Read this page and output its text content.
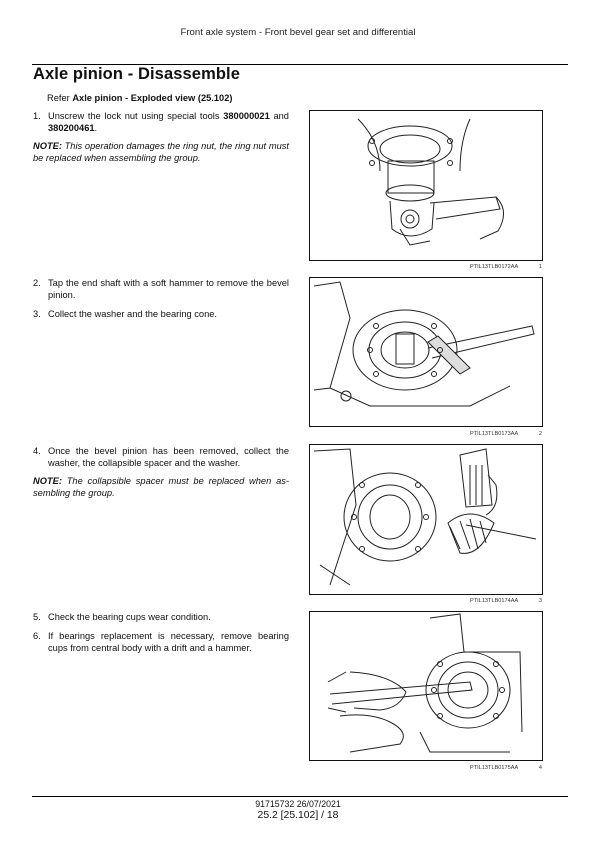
Front axle system - Front bevel gear set and differential
Axle pinion - Disassemble
Refer Axle pinion - Exploded view (25.102)
1. Unscrew the lock nut using special tools 380000021 and 380200461.
NOTE: This operation damages the ring nut, the ring nut must be replaced when assembling the group.
PTIL13TLB0172AA	1
2. Tap the end shaft with a soft hammer to remove the bevel pinion.
3. Collect the washer and the bearing cone.
PTIL13TLB0173AA	2
4. Once the bevel pinion has been removed, collect the washer, the collapsible spacer and the washer.
NOTE: The collapsible spacer must be replaced when as-sembling the group.
PTIL13TLB0174AA	3
5. Check the bearing cups wear condition.
6. If bearings replacement is necessary, remove bearing cups from central body with a drift and a hammer.
PTIL13TLB0175AA	4
91715732 26/07/2021
25.2 [25.102] / 18
